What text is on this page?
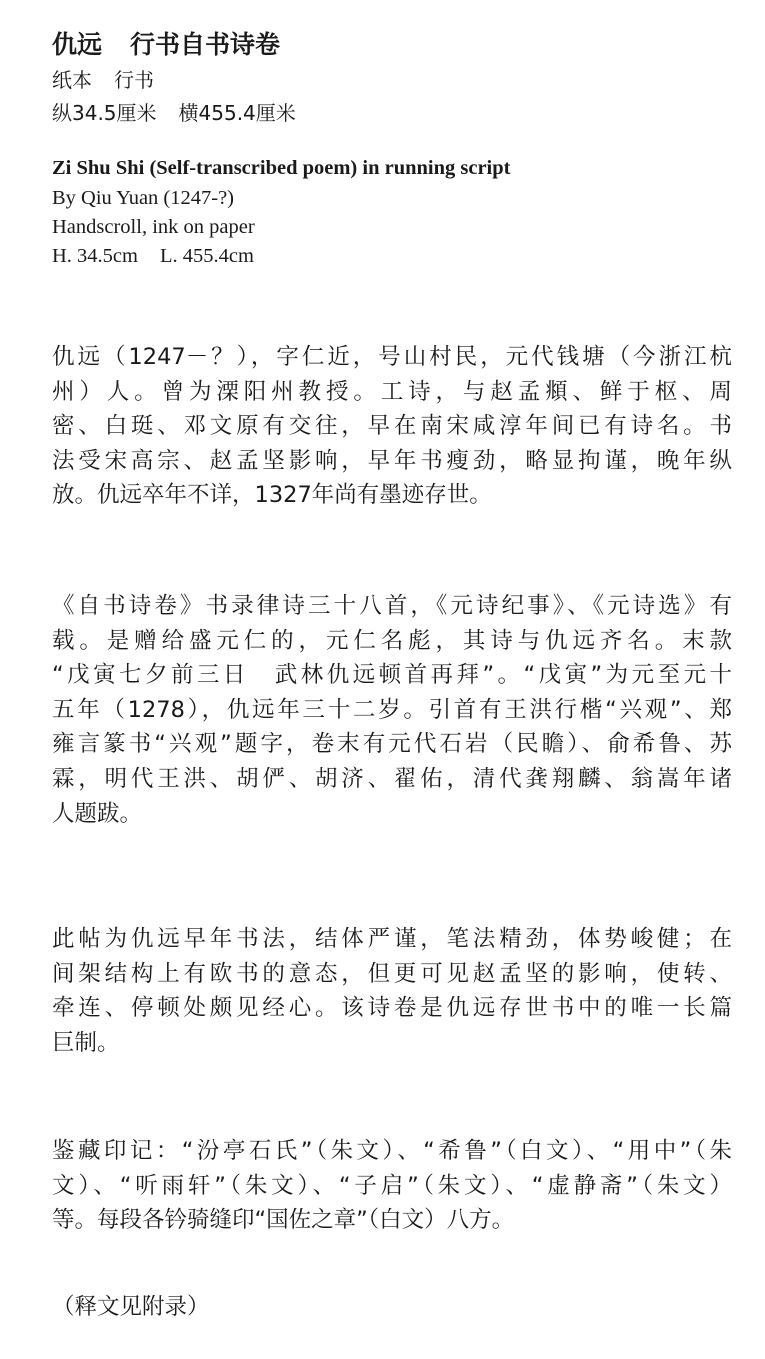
仇远 行书自书诗卷
纸本 行书
纵34.5厘米 横455.4厘米
Zi Shu Shi (Self-transcribed poem) in running script
By Qiu Yuan (1247-?)
Handscroll, ink on paper
H. 34.5cm L. 455.4cm
仇远（1247－？），字仁近，号山村民，元代钱塘（今浙江杭
州）人。曾为溧阳州教授。工诗，与赵孟頫、鲜于枢、周
密、白珽、邓文原有交往，早在南宋咸淳年间已有诗名。书
法受宋高宗、赵孟坚影响，早年书瘦劲，略显拘谨，晚年纵
放。仇远卒年不详，1327年尚有墨迹存世。
《自书诗卷》书录律诗三十八首，《元诗纪事》、《元诗选》有
载。是赠给盛元仁的，元仁名彪，其诗与仇远齐名。末款
“戊寅七夕前三日　武林仇远顿首再拜”。“戊寅”为元至元十
五年（1278），仇远年三十二岁。引首有王洪行楷“兴观”、郑
雍言篆书“兴观”题字，卷末有元代石岩（民瞻）、俞希鲁、苏
霖，明代王洪、胡俨、胡济、翟佑，清代龚翔麟、翁嵩年诸
人题跋。
此帖为仇远早年书法，结体严谨，笔法精劲，体势峻健；在
间架结构上有欧书的意态，但更可见赵孟坚的影响，使转、
牵连、停顿处颇见经心。该诗卷是仇远存世书中的唯一长篇
巨制。
鉴藏印记：“汾亭石氏”（朱文）、“希鲁”（白文）、“用中”（朱
文）、“听雨轩”（朱文）、“子启”（朱文）、“虚静斋”（朱文）
等。每段各钤骑缝印“国佐之章”（白文）八方。
（释文见附录）
